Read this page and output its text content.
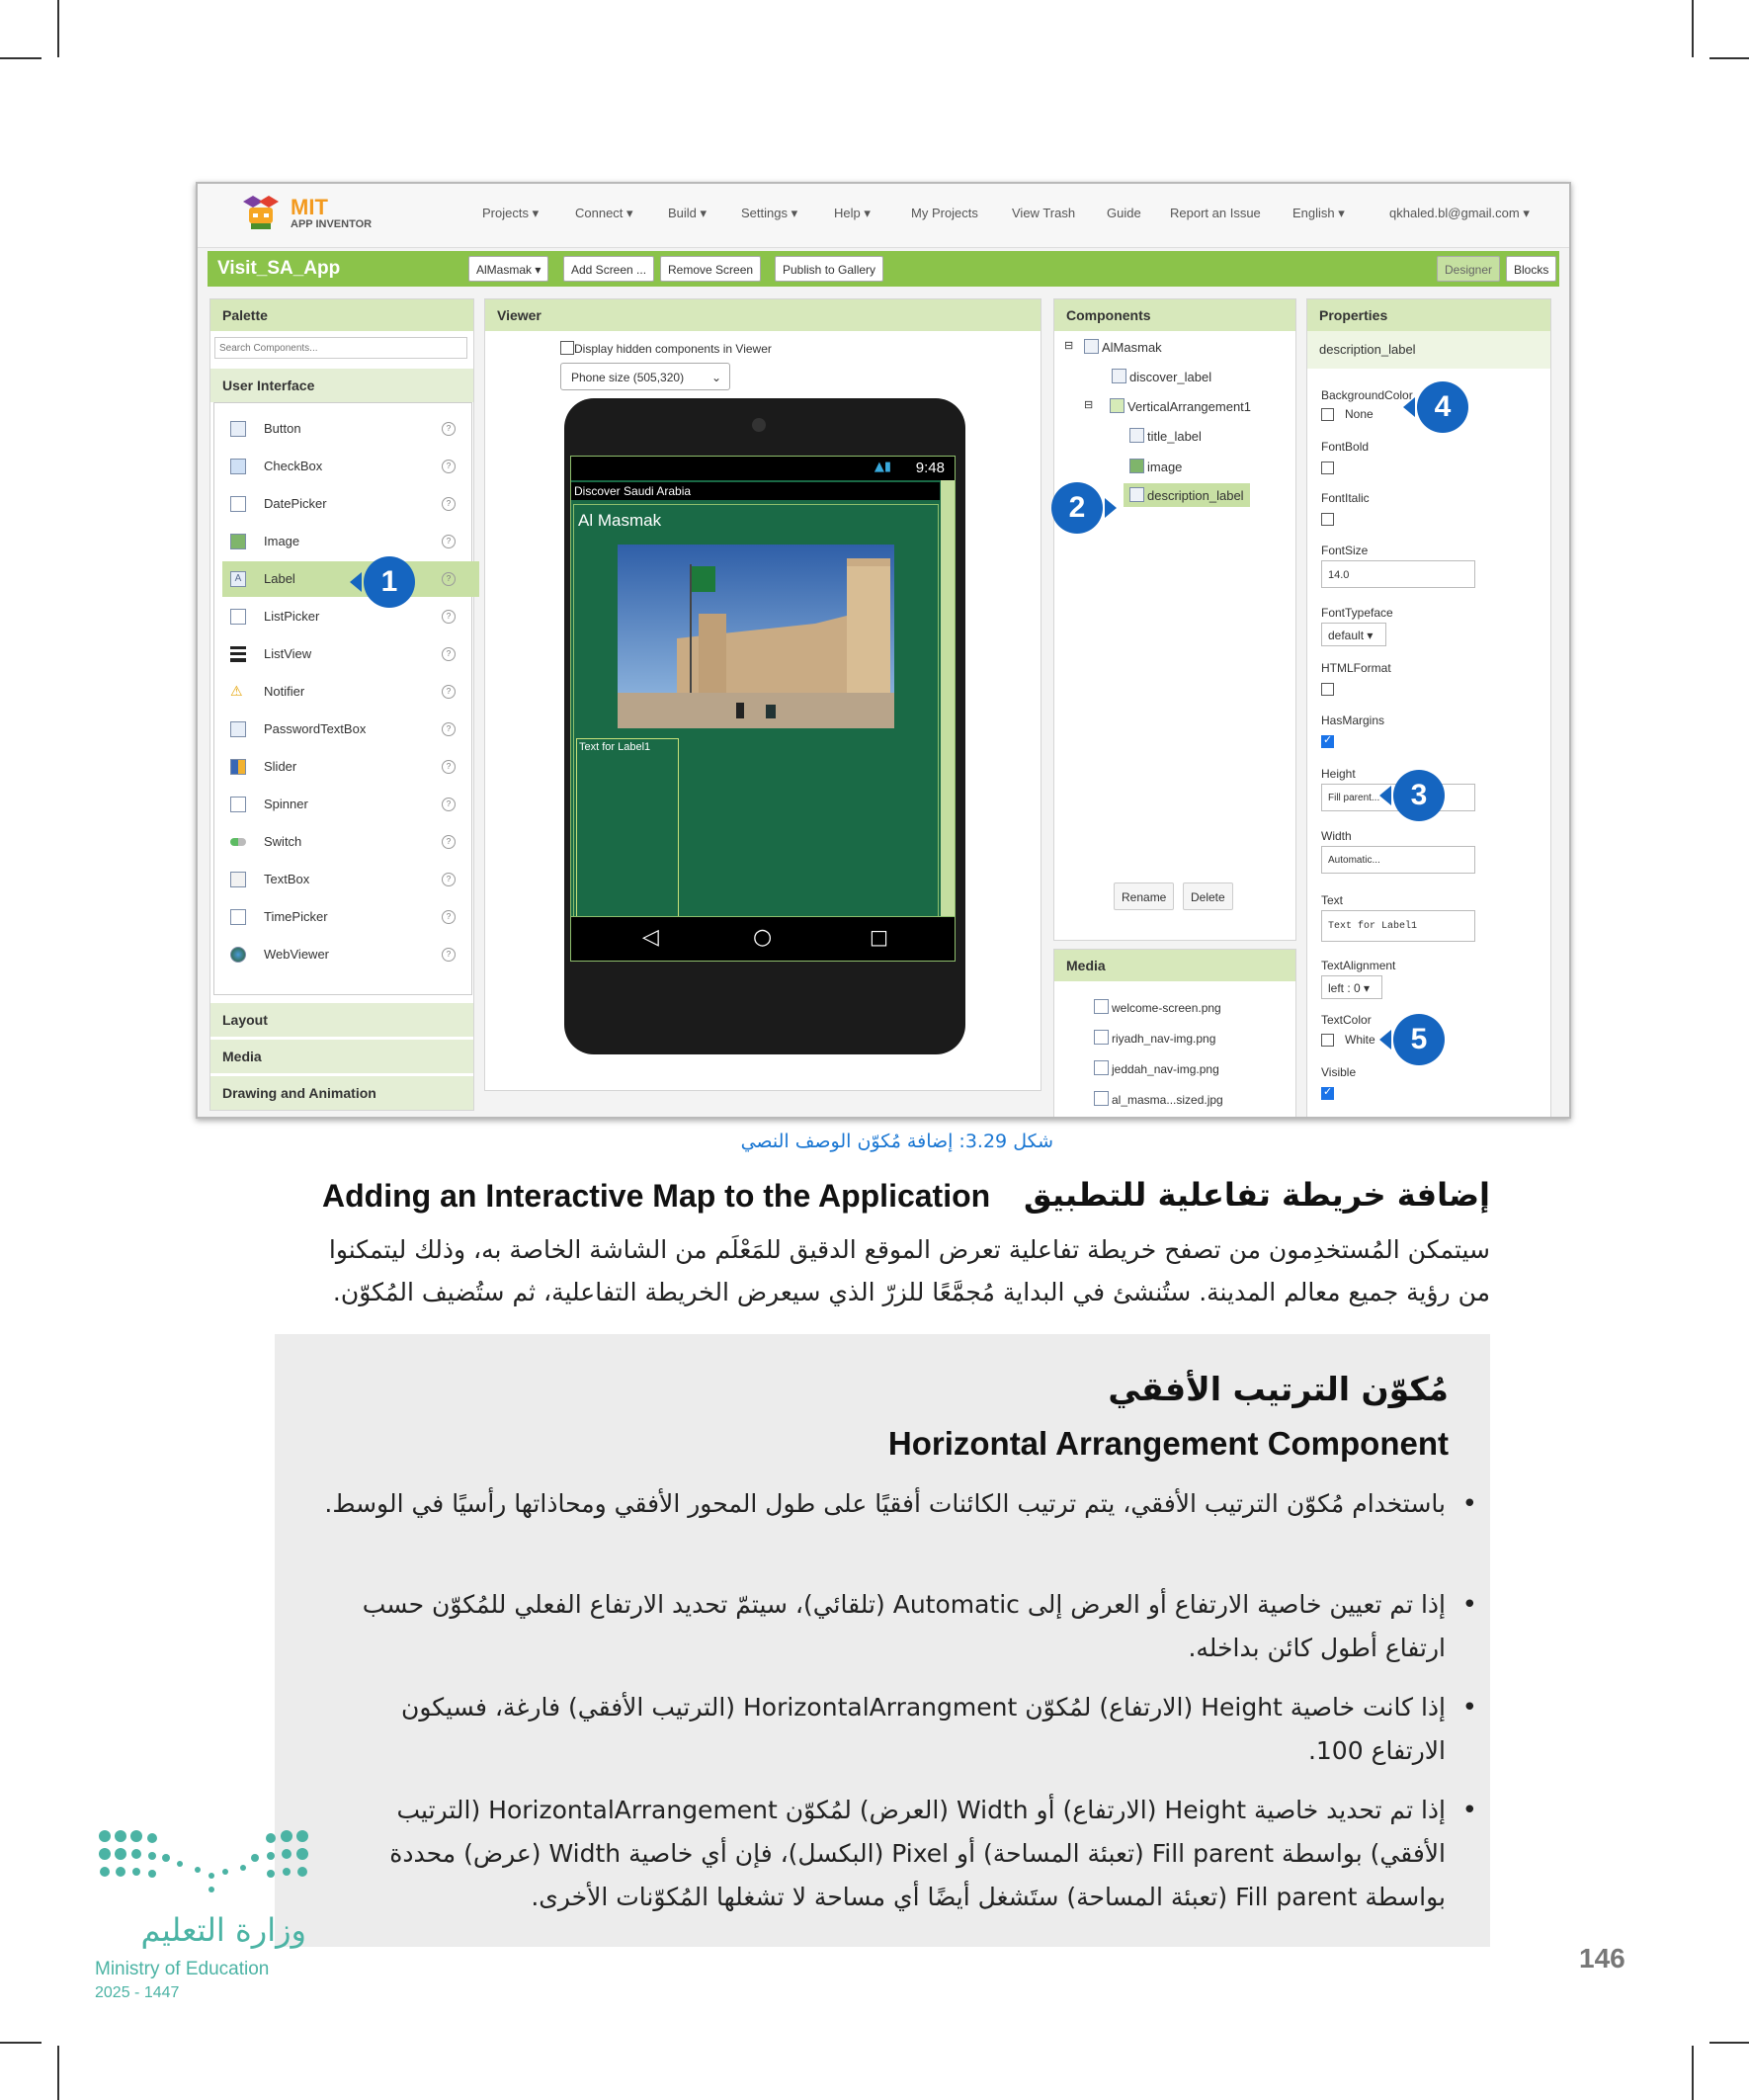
MIT
APP INVENTOR
Projects ▾	Connect ▾	Build ▾	Settings ▾	Help ▾	My Projects	View Trash Guide Report an Issue English ▾	qkhaled.bl@gmail.com ▾
Visit_SA_App	AlMasmak ▾	Add Screen ...	Remove Screen	Publish to Gallery	Designer	Blocks
Palette
Search Components...
User Interface
Button	?
CheckBox	?
DatePicker	?
Image	?
A	Label	?
ListPicker	?
ListView	?
⚠ Notifier	?
PasswordTextBox	?
Slider	?
Spinner	?
Switch	?
TextBox	?
TimePicker	?
WebViewer	?
Layout
Media
Drawing and Animation
Viewer
Display hidden components in Viewer
Phone size (505,320) ⌄
9:48
▲▮
Discover Saudi Arabia
Al Masmak
Text for Label1
◁	○	□
Components
⊟	AlMasmak
discover_label
⊟	VerticalArrangement1
title_label
image
description_label
Rename	Delete
Media
welcome-screen.png
riyadh_nav-img.png
jeddah_nav-img.png
al_masma...sized.jpg
Properties
description_label
BackgroundColor
None
FontBold
FontItalic
FontSize
14.0
FontTypeface
default ▾
HTMLFormat
HasMargins
✓
Height
Fill parent...
Width
Automatic...
Text
Text for Label1
TextAlignment
left : 0 ▾
TextColor
White
Visible
✓
1
2
3
4
5
شكل 3.29: إضافة مُكوّن الوصف النصي
إضافة خريطة تفاعلية للتطبيق
Adding an Interactive Map to the Application
سيتمكن المُستخدِمون من تصفح خريطة تفاعلية تعرض الموقع الدقيق للمَعْلَم من الشاشة الخاصة به، وذلك ليتمكنوا
من رؤية جميع معالم المدينة. ستُنشئ في البداية مُجمَّعًا للزرّ الذي سيعرض الخريطة التفاعلية، ثم ستُضيف المُكوّن.
مُكوّن الترتيب الأفقي
Horizontal Arrangement Component
• باستخدام مُكوّن الترتيب الأفقي، يتم ترتيب الكائنات أفقيًا على طول المحور الأفقي ومحاذاتها رأسيًا في الوسط.
• إذا تم تعيين خاصية الارتفاع أو العرض إلى Automatic (تلقائي)، سيتمّ تحديد الارتفاع الفعلي للمُكوّن حسب ارتفاع أطول كائن بداخله.
• إذا كانت خاصية Height (الارتفاع) لمُكوّن HorizontalArrangment (الترتيب الأفقي) فارغة، فسيكون الارتفاع 100.
• إذا تم تحديد خاصية Height (الارتفاع) أو Width (العرض) لمُكوّن HorizontalArrangement (الترتيب الأفقي) بواسطة Fill parent (تعبئة المساحة) أو Pixel (البكسل)، فإن أي خاصية Width (عرض) محددة بواسطة Fill parent (تعبئة المساحة) ستَشغل أيضًا أي مساحة لا تشغلها المُكوّنات الأخرى.
وزارة التعليم
Ministry of Education
2025 - 1447
146
